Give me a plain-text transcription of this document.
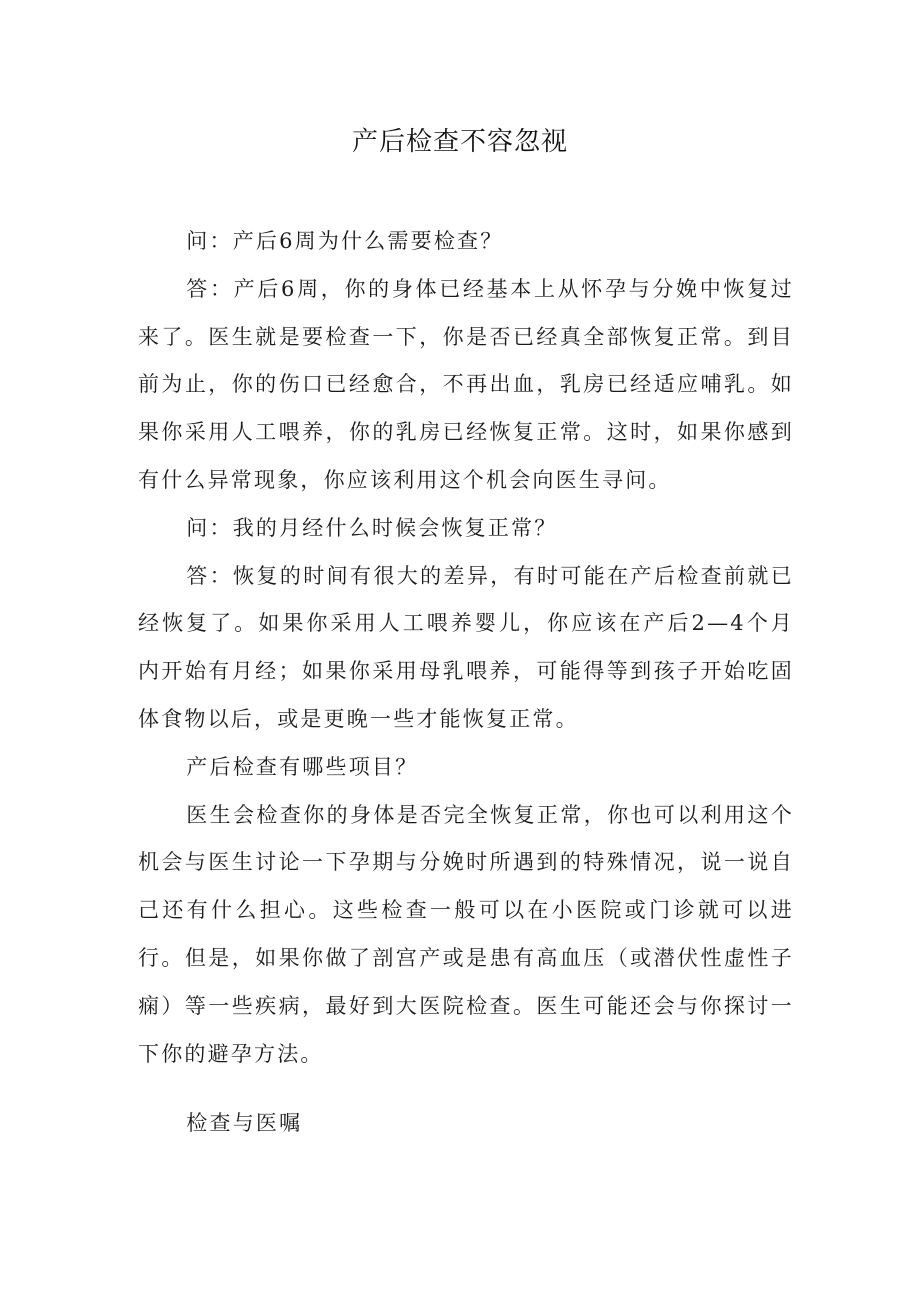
产后检查不容忽视

问：产后6周为什么需要检查？

答：产后6周，你的身体已经基本上从怀孕与分娩中恢复过来了。医生就是要检查一下，你是否已经真全部恢复正常。到目前为止，你的伤口已经愈合，不再出血，乳房已经适应哺乳。如果你采用人工喂养，你的乳房已经恢复正常。这时，如果你感到有什么异常现象，你应该利用这个机会向医生寻问。

问：我的月经什么时候会恢复正常？

答：恢复的时间有很大的差异，有时可能在产后检查前就已经恢复了。如果你采用人工喂养婴儿，你应该在产后2—4个月内开始有月经；如果你采用母乳喂养，可能得等到孩子开始吃固体食物以后，或是更晚一些才能恢复正常。

产后检查有哪些项目？

医生会检查你的身体是否完全恢复正常，你也可以利用这个机会与医生讨论一下孕期与分娩时所遇到的特殊情况，说一说自己还有什么担心。这些检查一般可以在小医院或门诊就可以进行。但是，如果你做了剖宫产或是患有高血压（或潜伏性虚性子痫）等一些疾病，最好到大医院检查。医生可能还会与你探讨一下你的避孕方法。

检查与医嘱
